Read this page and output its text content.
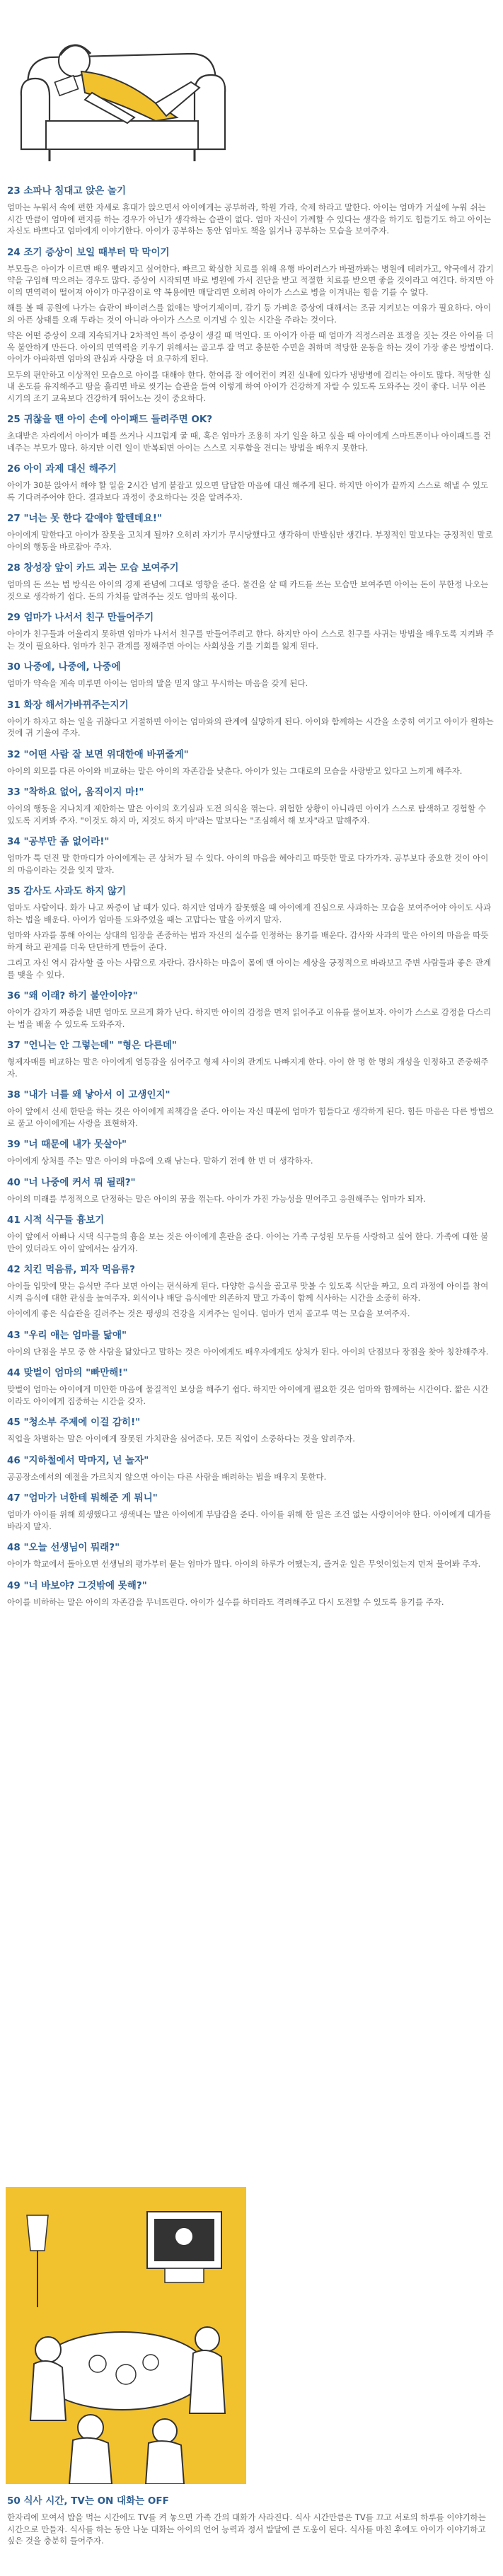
23 소파나 침대고 앉은 놀기

엄마는 누워서 속에 편한 자세로 휴대가 앉으면서 아이에게는 공부하라, 학원 가라, 숙제 하라고 말한다. 아이는 엄마가 거실에 누워 쉬는 시간 만큼이 엄마에 편지를 하는 경우가 아닌가 생각하는 습관이 없다. 엄마 자신이 가께할 수 있다는 생각을 하기도 힘들기도 하고 아이는 자신도 바쁘다고 엄마에게 이야기한다. 아이가 공부하는 동안 엄마도 책을 읽거나 공부하는 모습을 보여주자.

24 조기 증상이 보일 때부터 막 막이기

부모들은 아이가 이르면 배우 빨라지고 싶어한다. 빠르고 확실한 치료를 위해 유행 바이러스가 바뀔까봐는 병원에 데려가고, 약국에서 감기약을 구입해 막으려는 경우도 많다. 증상이 시작되면 바로 병원에 가서 진단을 받고 적절한 치료를 받으면 좋을 것이라고 여긴다. 하지만 아이의 면역력이 떨어져 아이가 마구잡이로 약 복용에만 매달리면 오히려 아이가 스스로 병을 이겨내는 힘을 기를 수 없다.

해를 볼 때 공원에 나가는 습관이 바이러스를 없애는 방어기제이며, 감기 등 가벼운 증상에 대해서는 조금 지켜보는 여유가 필요하다. 아이의 아픈 상태를 오래 두라는 것이 아니라 아이가 스스로 이겨낼 수 있는 시간을 주라는 것이다.

약은 어떤 증상이 오래 지속되거나 2차적인 특이 증상이 생길 때 먹인다. 또 아이가 아플 때 엄마가 걱정스러운 표정을 짓는 것은 아이를 더욱 불안하게 만든다. 아이의 면역력을 키우기 위해서는 골고루 잘 먹고 충분한 수면을 취하며 적당한 운동을 하는 것이 가장 좋은 방법이다. 아이가 아파하면 엄마의 관심과 사랑을 더 요구하게 된다.

모두의 편안하고 이상적인 모습으로 아이를 대해야 한다. 한여름 잘 에어컨이 켜진 실내에 있다가 냉방병에 걸리는 아이도 많다. 적당한 실내 온도를 유지해주고 땀을 흘리면 바로 씻기는 습관을 들여 이렇게 하여 아이가 건강하게 자랄 수 있도록 도와주는 것이 좋다. 너무 이른 시기의 조기 교육보다 건강하게 뛰어노는 것이 중요하다.

25 귀찮을 땐 아이 손에 아이패드 들려주면 OK?

초대받은 자리에서 아이가 떼를 쓰거나 시끄럽게 굴 때, 혹은 엄마가 조용히 자기 일을 하고 싶을 때 아이에게 스마트폰이나 아이패드를 건네주는 부모가 많다. 하지만 이런 일이 반복되면 아이는 스스로 지루함을 견디는 방법을 배우지 못한다.

26 아이 과제 대신 해주기

아이가 30분 앉아서 해야 할 일을 2시간 넘게 붙잡고 있으면 답답한 마음에 대신 해주게 된다. 하지만 아이가 끝까지 스스로 해낼 수 있도록 기다려주어야 한다. 결과보다 과정이 중요하다는 것을 알려주자.

27 "너는 못 한다 같애야 할텐데요!"

아이에게 말한다고 아이가 잘못을 고치게 될까? 오히려 자기가 무시당했다고 생각하여 반발심만 생긴다. 부정적인 말보다는 긍정적인 말로 아이의 행동을 바로잡아 주자.

28 창성장 앞이 카드 괴는 모습 보여주기

엄마의 돈 쓰는 법 방식은 아이의 경제 관념에 그대로 영향을 준다. 물건을 살 때 카드를 쓰는 모습만 보여주면 아이는 돈이 무한정 나오는 것으로 생각하기 쉽다. 돈의 가치를 알려주는 것도 엄마의 몫이다.

29 엄마가 나서서 친구 만들어주기

아이가 친구들과 어울리지 못하면 엄마가 나서서 친구를 만들어주려고 한다. 하지만 아이 스스로 친구를 사귀는 방법을 배우도록 지켜봐 주는 것이 필요하다. 엄마가 친구 관계를 정해주면 아이는 사회성을 기를 기회를 잃게 된다.

30 나중에, 나중에, 나중에

엄마가 약속을 계속 미루면 아이는 엄마의 말을 믿지 않고 무시하는 마음을 갖게 된다.

31 화장 해서가바뀌주는지기

아이가 하자고 하는 일을 귀찮다고 거절하면 아이는 엄마와의 관계에 실망하게 된다. 아이와 함께하는 시간을 소중히 여기고 아이가 원하는 것에 귀 기울여 주자.

32 "어떤 사람 잘 보면 위대한애 바뀌줄게"

아이의 외모를 다른 아이와 비교하는 말은 아이의 자존감을 낮춘다. 아이가 있는 그대로의 모습을 사랑받고 있다고 느끼게 해주자.

33 "착하요 없어, 움직이지 마!"

아이의 행동을 지나치게 제한하는 말은 아이의 호기심과 도전 의식을 꺾는다. 위험한 상황이 아니라면 아이가 스스로 탐색하고 경험할 수 있도록 지켜봐 주자. "이것도 하지 마, 저것도 하지 마"라는 말보다는 "조심해서 해 보자"라고 말해주자.

34 "공부만 좀 없어라!"

엄마가 툭 던진 말 한마디가 아이에게는 큰 상처가 될 수 있다. 아이의 마음을 헤아리고 따뜻한 말로 다가가자. 공부보다 중요한 것이 아이의 마음이라는 것을 잊지 말자.

35 감사도 사과도 하지 않기

엄마도 사람이다. 화가 나고 짜증이 날 때가 있다. 하지만 엄마가 잘못했을 때 아이에게 진심으로 사과하는 모습을 보여주어야 아이도 사과하는 법을 배운다. 아이가 엄마를 도와주었을 때는 고맙다는 말을 아끼지 말자.

엄마와 사과를 통해 아이는 상대의 입장을 존중하는 법과 자신의 실수를 인정하는 용기를 배운다. 감사와 사과의 말은 아이의 마음을 따뜻하게 하고 관계를 더욱 단단하게 만들어 준다.

그리고 자신 역시 감사할 줄 아는 사람으로 자란다. 감사하는 마음이 몸에 밴 아이는 세상을 긍정적으로 바라보고 주변 사람들과 좋은 관계를 맺을 수 있다.

36 "왜 이래? 하기 불안이야?"

아이가 갑자기 짜증을 내면 엄마도 모르게 화가 난다. 하지만 아이의 감정을 먼저 읽어주고 이유를 물어보자. 아이가 스스로 감정을 다스리는 법을 배울 수 있도록 도와주자.

37 "언니는 안 그렇는데" "형은 다른데"

형제자매를 비교하는 말은 아이에게 열등감을 심어주고 형제 사이의 관계도 나빠지게 한다. 아이 한 명 한 명의 개성을 인정하고 존중해주자.

38 "내가 너를 왜 낳아서 이 고생인지"

아이 앞에서 신세 한탄을 하는 것은 아이에게 죄책감을 준다. 아이는 자신 때문에 엄마가 힘들다고 생각하게 된다. 힘든 마음은 다른 방법으로 풀고 아이에게는 사랑을 표현하자.

39 "너 때문에 내가 못살아"

아이에게 상처를 주는 말은 아이의 마음에 오래 남는다. 말하기 전에 한 번 더 생각하자.

40 "너 나중에 커서 뭐 될래?"

아이의 미래를 부정적으로 단정하는 말은 아이의 꿈을 꺾는다. 아이가 가진 가능성을 믿어주고 응원해주는 엄마가 되자.

41 시적 식구들 흉보기

아이 앞에서 아빠나 시댁 식구들의 흉을 보는 것은 아이에게 혼란을 준다. 아이는 가족 구성원 모두를 사랑하고 싶어 한다. 가족에 대한 불만이 있더라도 아이 앞에서는 삼가자.

42 치킨 먹음류, 피자 먹음류?

아이들 입맛에 맞는 음식만 주다 보면 아이는 편식하게 된다. 다양한 음식을 골고루 맛볼 수 있도록 식단을 짜고, 요리 과정에 아이를 참여시켜 음식에 대한 관심을 높여주자. 외식이나 배달 음식에만 의존하지 말고 가족이 함께 식사하는 시간을 소중히 하자.

아이에게 좋은 식습관을 길러주는 것은 평생의 건강을 지켜주는 일이다. 엄마가 먼저 골고루 먹는 모습을 보여주자.

43 "우리 애는 엄마를 닮애"

아이의 단점을 부모 중 한 사람을 닮았다고 말하는 것은 아이에게도 배우자에게도 상처가 된다. 아이의 단점보다 장점을 찾아 칭찬해주자.

44 맞벌이 엄마의 "빠만해!"

맞벌이 엄마는 아이에게 미안한 마음에 물질적인 보상을 해주기 쉽다. 하지만 아이에게 필요한 것은 엄마와 함께하는 시간이다. 짧은 시간이라도 아이에게 집중하는 시간을 갖자.

45 "청소부 주제에 이걸 감히!"

직업을 차별하는 말은 아이에게 잘못된 가치관을 심어준다. 모든 직업이 소중하다는 것을 알려주자.

46 "지하철에서 막마지, 넌 놀자"

공공장소에서의 예절을 가르치지 않으면 아이는 다른 사람을 배려하는 법을 배우지 못한다.

47 "엄마가 너한테 뭐해준 게 뭐니"

엄마가 아이를 위해 희생했다고 생색내는 말은 아이에게 부담감을 준다. 아이를 위해 한 일은 조건 없는 사랑이어야 한다. 아이에게 대가를 바라지 말자.

48 "오늘 선생님이 뭐래?"

아이가 학교에서 돌아오면 선생님의 평가부터 묻는 엄마가 많다. 아이의 하루가 어땠는지, 즐거운 일은 무엇이었는지 먼저 물어봐 주자.

49 "너 바보야? 그것밖에 못해?"

아이를 비하하는 말은 아이의 자존감을 무너뜨린다. 아이가 실수를 하더라도 격려해주고 다시 도전할 수 있도록 용기를 주자.

50 식사 시간, TV는 ON 대화는 OFF

한자리에 모여서 밥을 먹는 시간에도 TV를 켜 놓으면 가족 간의 대화가 사라진다. 식사 시간만큼은 TV를 끄고 서로의 하루를 이야기하는 시간으로 만들자. 식사를 하는 동안 나눈 대화는 아이의 언어 능력과 정서 발달에 큰 도움이 된다. 식사를 마친 후에도 아이가 이야기하고 싶은 것을 충분히 들어주자.
